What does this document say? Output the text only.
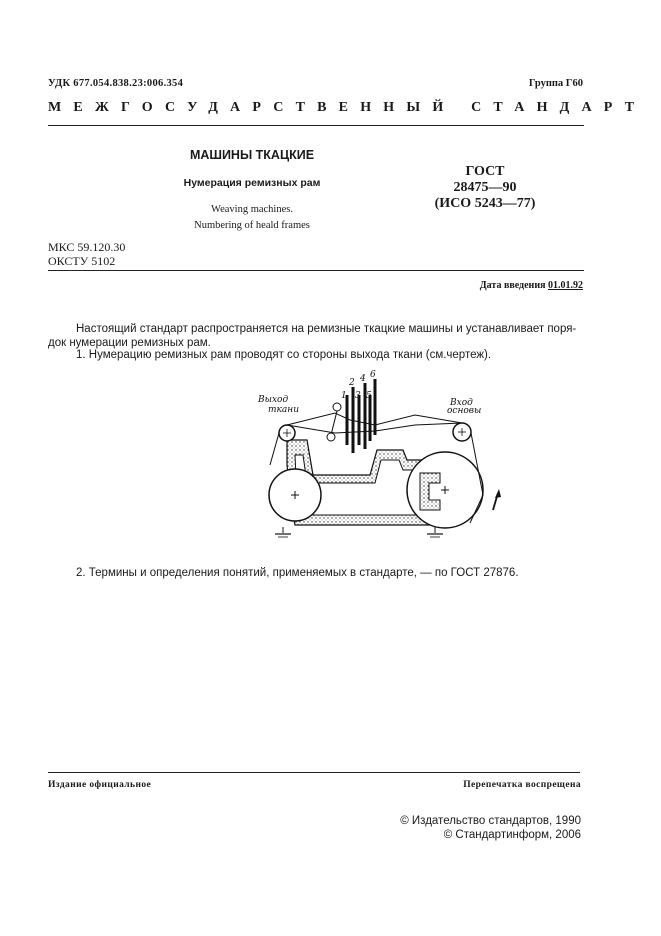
УДК 677.054.838.23:006.354	Группа Г60
МЕЖГОСУДАРСТВЕННЫЙ СТАНДАРТ
МАШИНЫ ТКАЦКИЕ
Нумерация ремизных рам
Weaving machines.
Numbering of heald frames
ГОСТ
28475—90
(ИСО 5243—77)
МКС 59.120.30
ОКСТУ 5102
Дата введения 01.01.92
Настоящий стандарт распространяется на ремизные ткацкие машины и устанавливает поря-
док нумерации ремизных рам.
1. Нумерацию ремизных рам проводят со стороны выхода ткани (см.чертеж).
1
2
3
4
5
6
Выход
ткани
Вход
основы
2. Термины и определения понятий, применяемых в стандарте, — по ГОСТ 27876.
Издание официальное	Перепечатка воспрещена
© Издательство стандартов, 1990
© Стандартинформ, 2006
